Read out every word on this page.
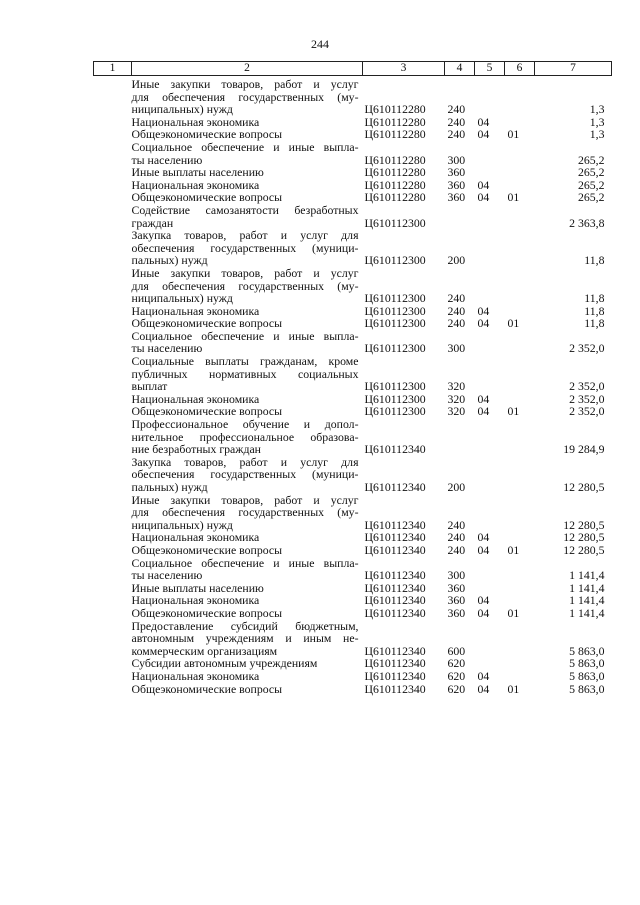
244
1	2	3	4	5	6	7

	Иные закупки товаров, работ и услуг
для обеспечения государственных (му-
ниципальных) нужд	Ц610112280	240			1,3

	Национальная экономика	Ц610112280	240	04		1,3

	Общеэкономические вопросы	Ц610112280	240	04	01	1,3

	Социальное обеспечение и иные выпла-
ты населению	Ц610112280	300			265,2

	Иные выплаты населению	Ц610112280	360			265,2

	Национальная экономика	Ц610112280	360	04		265,2

	Общеэкономические вопросы	Ц610112280	360	04	01	265,2

	Содействие самозанятости безработных
граждан	Ц610112300				2 363,8

	Закупка товаров, работ и услуг для
обеспечения государственных (муници-
пальных) нужд	Ц610112300	200			11,8

	Иные закупки товаров, работ и услуг
для обеспечения государственных (му-
ниципальных) нужд	Ц610112300	240			11,8

	Национальная экономика	Ц610112300	240	04		11,8

	Общеэкономические вопросы	Ц610112300	240	04	01	11,8

	Социальное обеспечение и иные выпла-
ты населению	Ц610112300	300			2 352,0

	Социальные выплаты гражданам, кроме
публичных нормативных социальных
выплат	Ц610112300	320			2 352,0

	Национальная экономика	Ц610112300	320	04		2 352,0

	Общеэкономические вопросы	Ц610112300	320	04	01	2 352,0

	Профессиональное обучение и допол-
нительное профессиональное образова-
ние безработных граждан	Ц610112340				19 284,9

	Закупка товаров, работ и услуг для
обеспечения государственных (муници-
пальных) нужд	Ц610112340	200			12 280,5

	Иные закупки товаров, работ и услуг
для обеспечения государственных (му-
ниципальных) нужд	Ц610112340	240			12 280,5

	Национальная экономика	Ц610112340	240	04		12 280,5

	Общеэкономические вопросы	Ц610112340	240	04	01	12 280,5

	Социальное обеспечение и иные выпла-
ты населению	Ц610112340	300			1 141,4

	Иные выплаты населению	Ц610112340	360			1 141,4

	Национальная экономика	Ц610112340	360	04		1 141,4

	Общеэкономические вопросы	Ц610112340	360	04	01	1 141,4

	Предоставление субсидий бюджетным,
автономным учреждениям и иным не-
коммерческим организациям	Ц610112340	600			5 863,0

	Субсидии автономным учреждениям	Ц610112340	620			5 863,0

	Национальная экономика	Ц610112340	620	04		5 863,0

	Общеэкономические вопросы	Ц610112340	620	04	01	5 863,0
